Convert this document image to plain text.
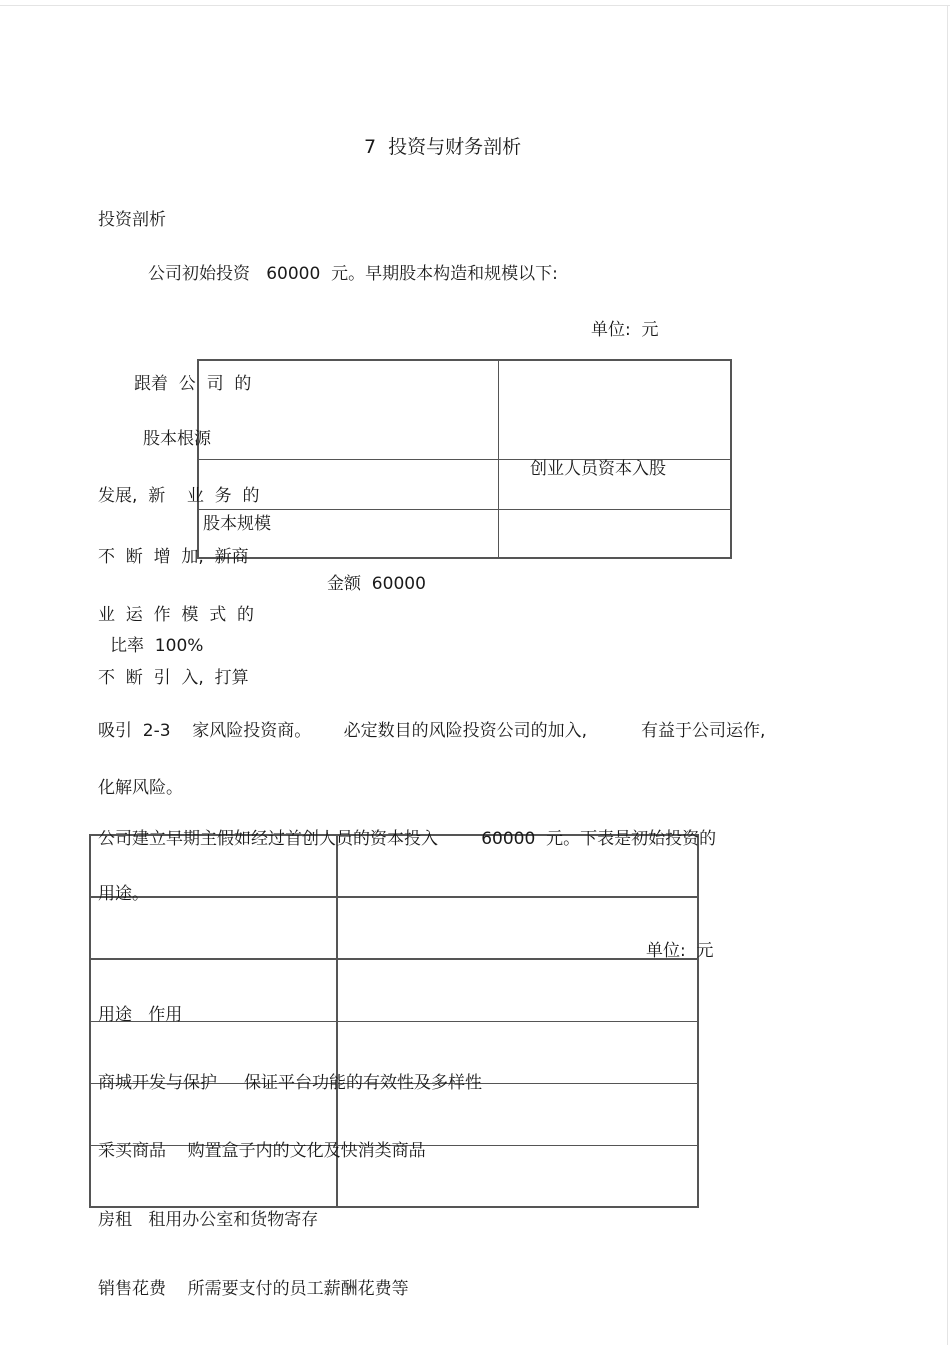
7  投资与财务剖析
投资剖析
公司初始投资   60000  元。早期股本构造和规模以下:
单位:  元
跟着  公  司  的
股本根源
创业人员资本入股
股本规模
金额  60000
比率  100%
发展,  新    业  务  的
不  断  增  加,  新商
业  运  作  模  式  的
不  断  引  入,  打算
吸引  2-3    家风险投资商。      必定数目的风险投资公司的加入,          有益于公司运作,
化解风险。
公司建立早期主假如经过首创人员的资本投入        60000  元。下表是初始投资的
用途。
单位:  元
用途   作用
商城开发与保护     保证平台功能的有效性及多样性
采买商品    购置盒子内的文化及快消类商品
房租   租用办公室和货物寄存
销售花费    所需要支付的员工薪酬花费等
